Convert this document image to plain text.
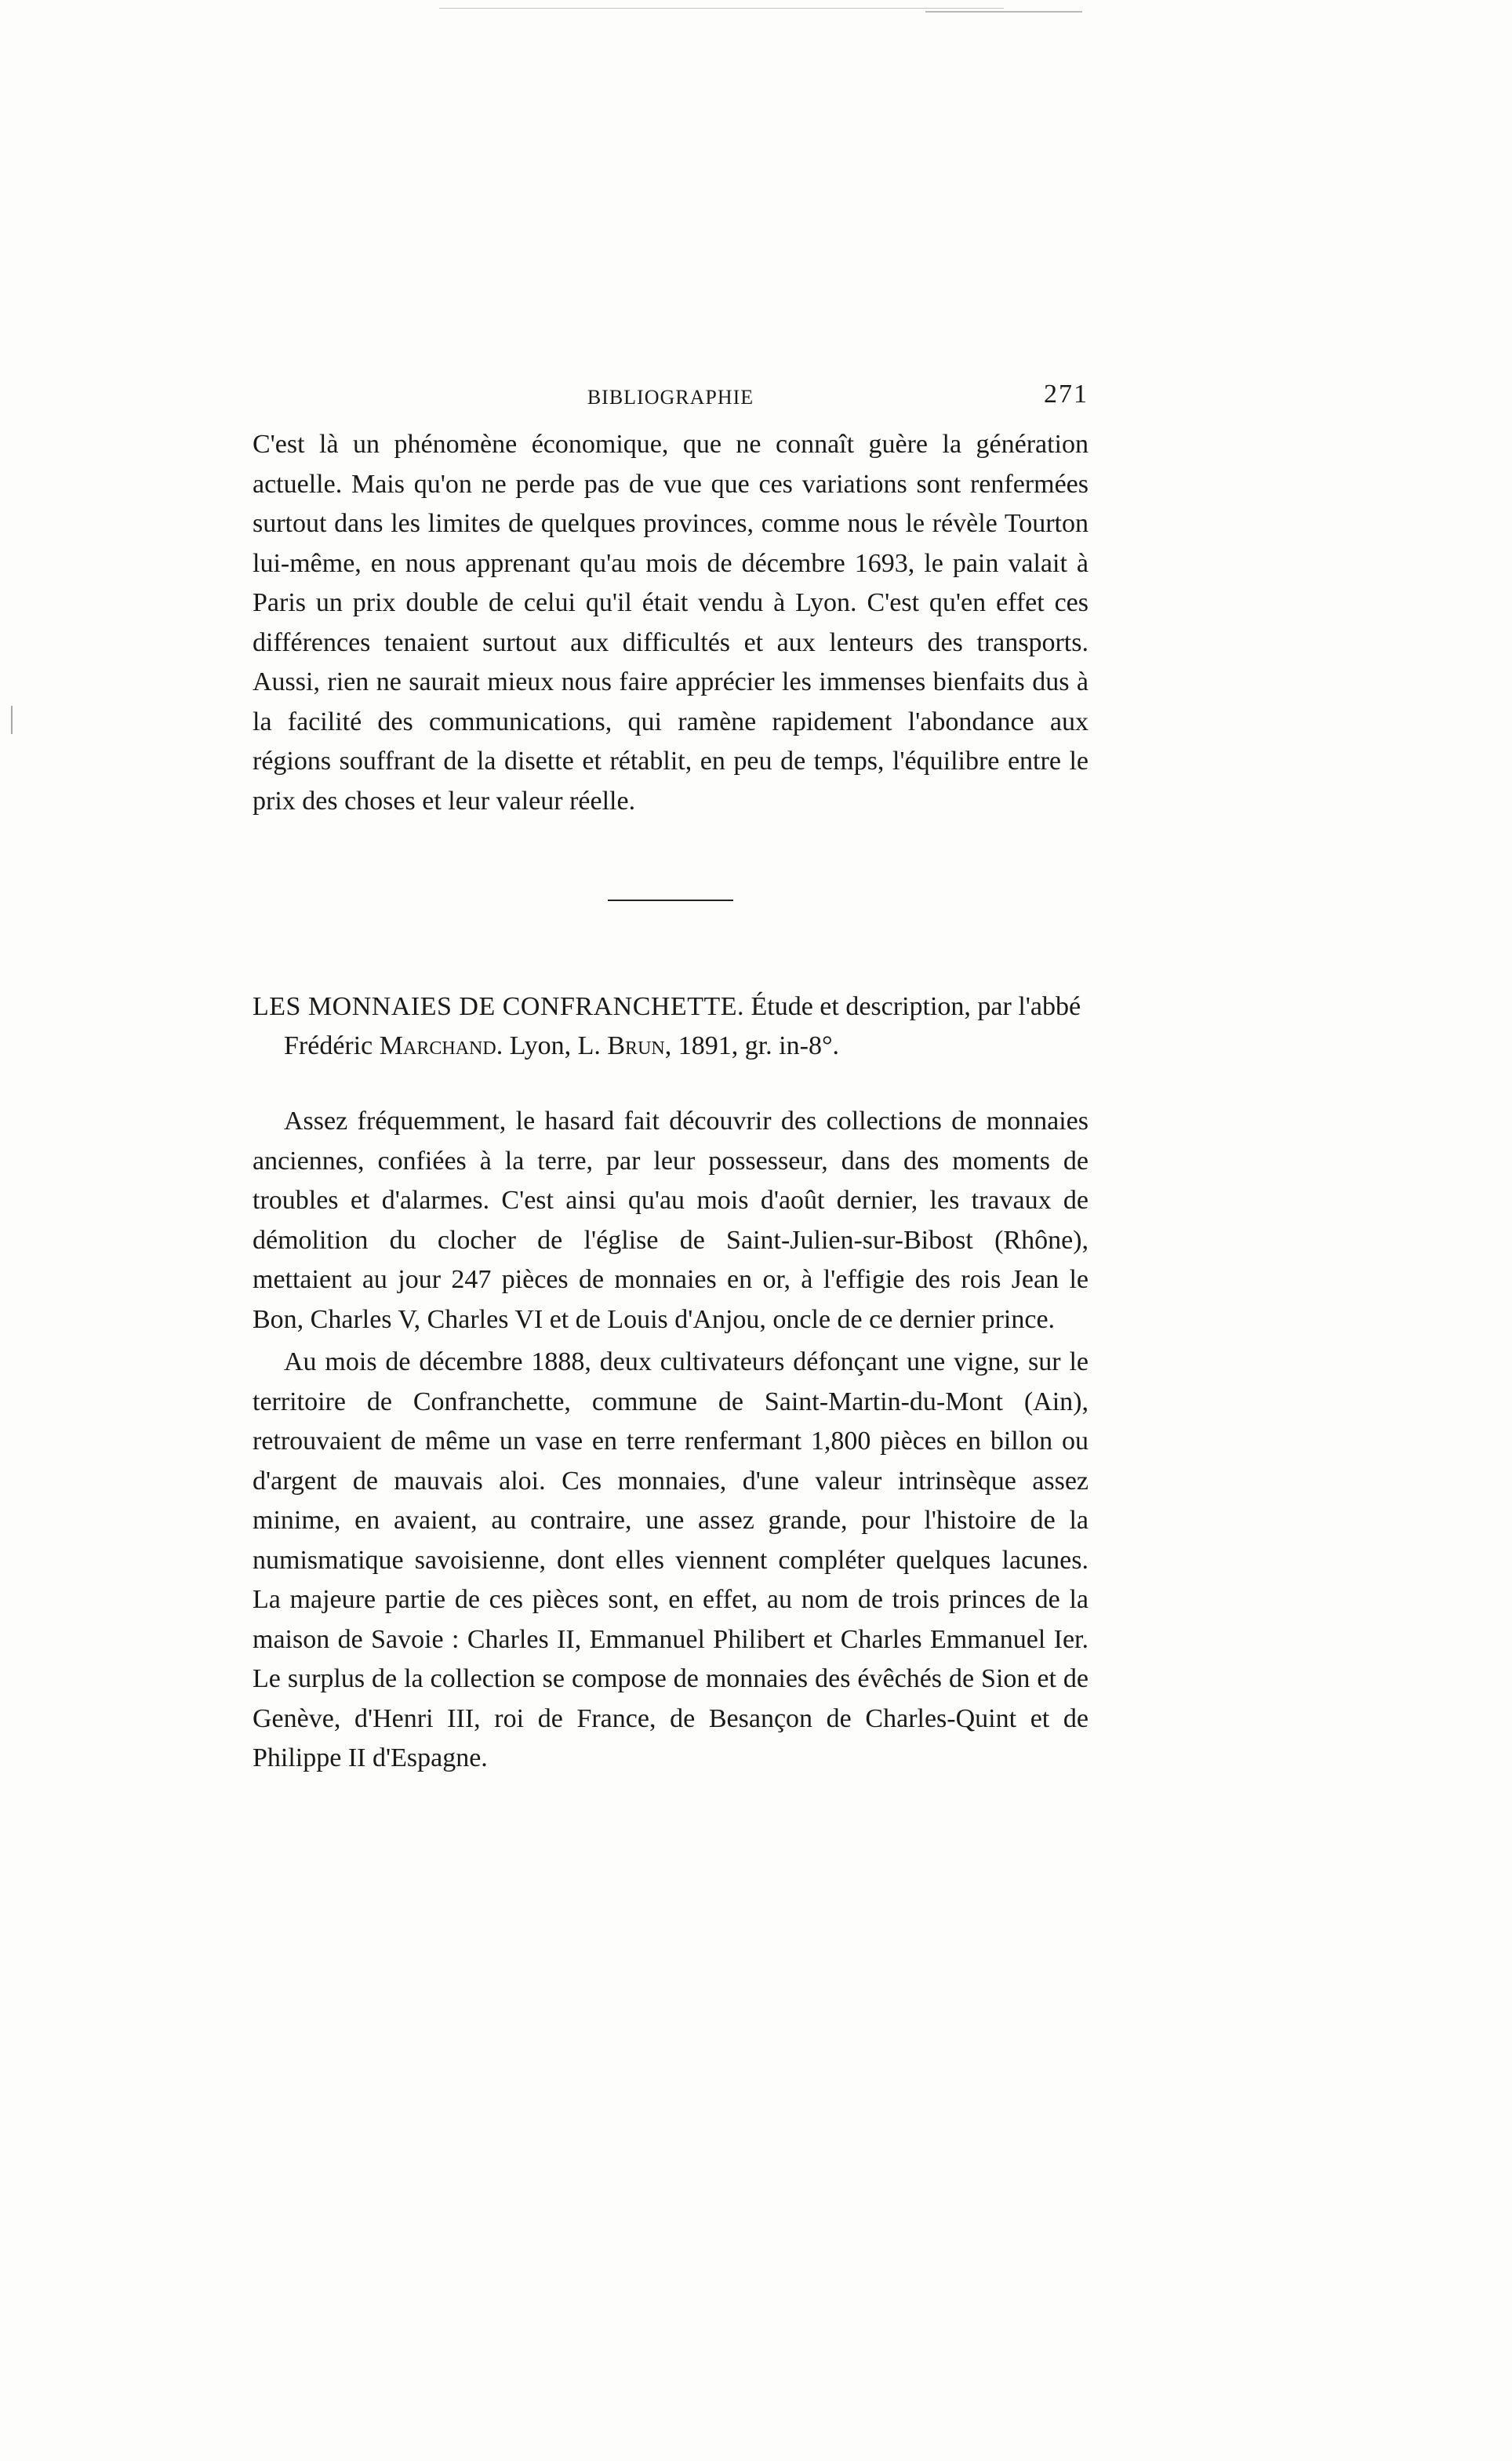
BIBLIOGRAPHIE	271

C'est là un phénomène économique, que ne connaît guère la génération actuelle. Mais qu'on ne perde pas de vue que ces variations sont renfermées surtout dans les limites de quelques provinces, comme nous le révèle Tourton lui-même, en nous apprenant qu'au mois de décembre 1693, le pain valait à Paris un prix double de celui qu'il était vendu à Lyon. C'est qu'en effet ces différences tenaient surtout aux difficultés et aux lenteurs des transports. Aussi, rien ne saurait mieux nous faire apprécier les immenses bienfaits dus à la facilité des communications, qui ramène rapidement l'abondance aux régions souffrant de la disette et rétablit, en peu de temps, l'équilibre entre le prix des choses et leur valeur réelle.

LES MONNAIES DE CONFRANCHETTE. Étude et description, par l'abbé Frédéric Marchand. Lyon, L. Brun, 1891, gr. in-8°.

Assez fréquemment, le hasard fait découvrir des collections de monnaies anciennes, confiées à la terre, par leur possesseur, dans des moments de troubles et d'alarmes. C'est ainsi qu'au mois d'août dernier, les travaux de démolition du clocher de l'église de Saint-Julien-sur-Bibost (Rhône), mettaient au jour 247 pièces de monnaies en or, à l'effigie des rois Jean le Bon, Charles V, Charles VI et de Louis d'Anjou, oncle de ce dernier prince.

Au mois de décembre 1888, deux cultivateurs défonçant une vigne, sur le territoire de Confranchette, commune de Saint-Martin-du-Mont (Ain), retrouvaient de même un vase en terre renfermant 1,800 pièces en billon ou d'argent de mauvais aloi. Ces monnaies, d'une valeur intrinsèque assez minime, en avaient, au contraire, une assez grande, pour l'histoire de la numismatique savoisienne, dont elles viennent compléter quelques lacunes. La majeure partie de ces pièces sont, en effet, au nom de trois princes de la maison de Savoie : Charles II, Emmanuel Philibert et Charles Emmanuel Ier. Le surplus de la collection se compose de monnaies des évêchés de Sion et de Genève, d'Henri III, roi de France, de Besançon de Charles-Quint et de Philippe II d'Espagne.
